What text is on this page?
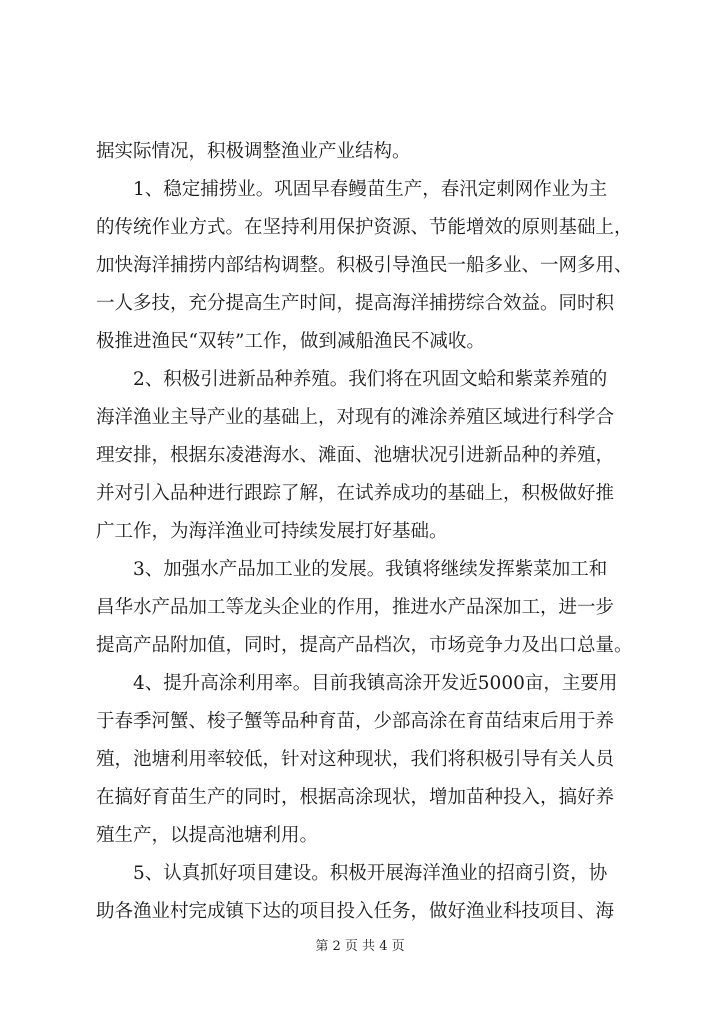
据实际情况，积极调整渔业产业结构。
　　1、稳定捕捞业。巩固早春鳗苗生产，春汛定刺网作业为主
的传统作业方式。在坚持利用保护资源、节能增效的原则基础上，
加快海洋捕捞内部结构调整。积极引导渔民一船多业、一网多用、
一人多技，充分提高生产时间，提高海洋捕捞综合效益。同时积
极推进渔民“双转”工作，做到减船渔民不减收。
　　2、积极引进新品种养殖。我们将在巩固文蛤和紫菜养殖的
海洋渔业主导产业的基础上，对现有的滩涂养殖区域进行科学合
理安排，根据东凌港海水、滩面、池塘状况引进新品种的养殖，
并对引入品种进行跟踪了解，在试养成功的基础上，积极做好推
广工作，为海洋渔业可持续发展打好基础。
　　3、加强水产品加工业的发展。我镇将继续发挥紫菜加工和
昌华水产品加工等龙头企业的作用，推进水产品深加工，进一步
提高产品附加值，同时，提高产品档次，市场竞争力及出口总量。
　　4、提升高涂利用率。目前我镇高涂开发近5000亩，主要用
于春季河蟹、梭子蟹等品种育苗，少部高涂在育苗结束后用于养
殖，池塘利用率较低，针对这种现状，我们将积极引导有关人员
在搞好育苗生产的同时，根据高涂现状，增加苗种投入，搞好养
殖生产，以提高池塘利用。
　　5、认真抓好项目建设。积极开展海洋渔业的招商引资，协
助各渔业村完成镇下达的项目投入任务，做好渔业科技项目、海
第 2 页 共 4 页
